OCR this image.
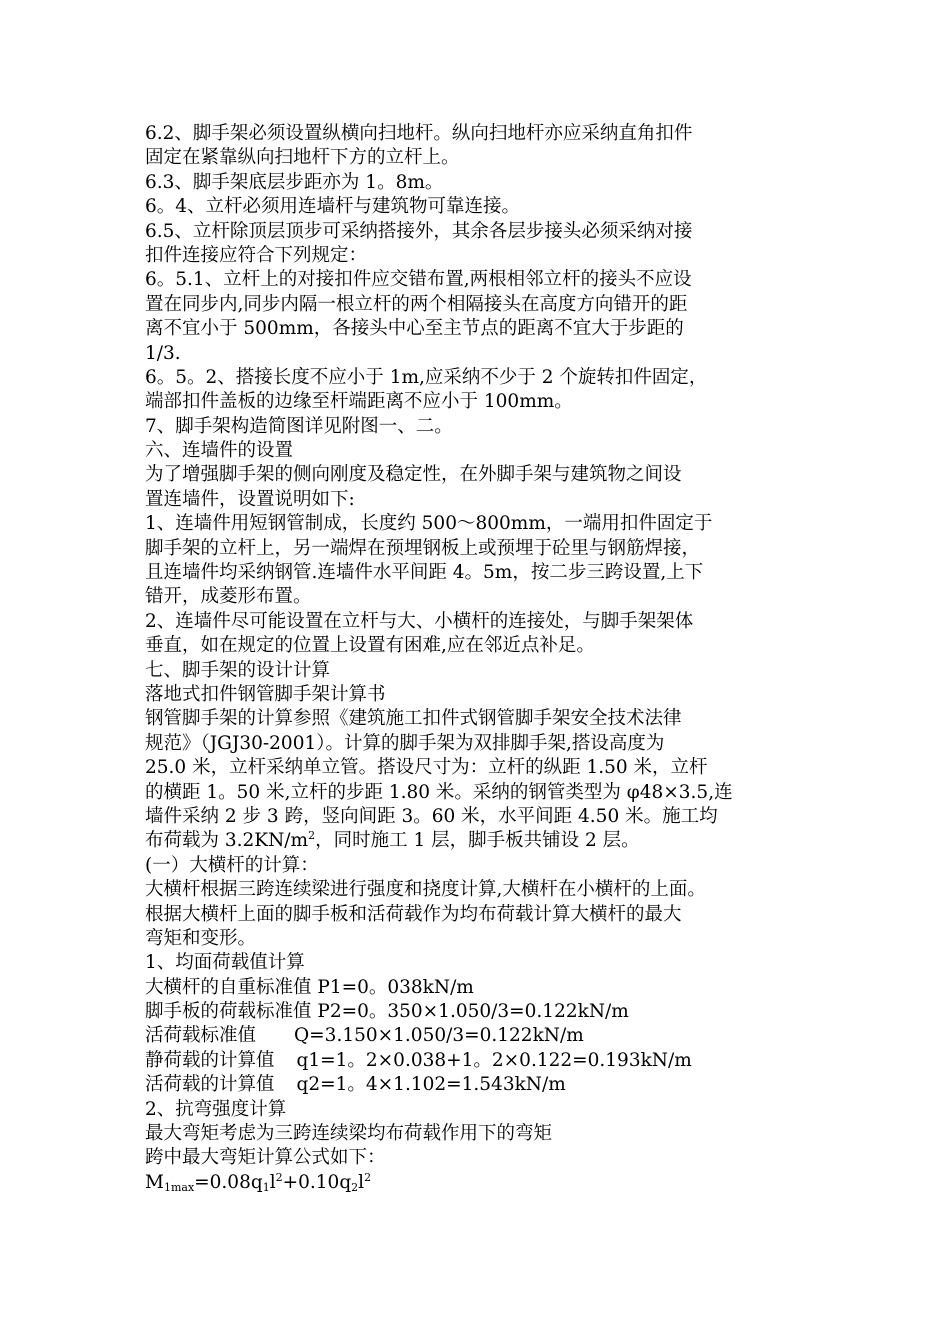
6.2、脚手架必须设置纵横向扫地杆。纵向扫地杆亦应采纳直角扣件
固定在紧靠纵向扫地杆下方的立杆上。
6.3、脚手架底层步距亦为 1。8m。
6。4、立杆必须用连墙杆与建筑物可靠连接。
6.5、立杆除顶层顶步可采纳搭接外，其余各层步接头必须采纳对接
扣件连接应符合下列规定：
6。5.1、立杆上的对接扣件应交错布置,两根相邻立杆的接头不应设
置在同步内,同步内隔一根立杆的两个相隔接头在高度方向错开的距
离不宜小于 500mm，各接头中心至主节点的距离不宜大于步距的
1/3.
6。5。2、搭接长度不应小于 1m,应采纳不少于 2 个旋转扣件固定，
端部扣件盖板的边缘至杆端距离不应小于 100mm。
7、脚手架构造简图详见附图一、二。
六、连墙件的设置
为了增强脚手架的侧向刚度及稳定性，在外脚手架与建筑物之间设
置连墙件，设置说明如下:
1、连墙件用短钢管制成，长度约 500～800mm，一端用扣件固定于
脚手架的立杆上，另一端焊在预埋钢板上或预埋于砼里与钢筋焊接，
且连墙件均采纳钢管.连墙件水平间距 4。5m，按二步三跨设置,上下
错开，成菱形布置。
2、连墙件尽可能设置在立杆与大、小横杆的连接处，与脚手架架体
垂直，如在规定的位置上设置有困难,应在邻近点补足。
七、脚手架的设计计算
落地式扣件钢管脚手架计算书
钢管脚手架的计算参照《建筑施工扣件式钢管脚手架安全技术法律
规范》（JGJ30-2001）。计算的脚手架为双排脚手架,搭设高度为
25.0 米，立杆采纳单立管。搭设尺寸为：立杆的纵距 1.50 米，立杆
的横距 1。50 米,立杆的步距 1.80 米。采纳的钢管类型为 φ48×3.5,连
墙件采纳 2 步 3 跨，竖向间距 3。60 米，水平间距 4.50 米。施工均
布荷载为 $3.2KN/m^2$，同时施工 1 层，脚手板共铺设 2 层。
(一）大横杆的计算：
大横杆根据三跨连续梁进行强度和挠度计算,大横杆在小横杆的上面。
根据大横杆上面的脚手板和活荷载作为均布荷载计算大横杆的最大
弯矩和变形。
1、均面荷载值计算
大横杆的自重标准值 P1=0。038kN/m
脚手板的荷载标准值 P2=0。350×1.050/3=0.122kN/m
活荷载标准值 Q=3.150×1.050/3=0.122kN/m
静荷载的计算值 q1=1。2×0.038+1。2×0.122=0.193kN/m
活荷载的计算值 q2=1。4×1.102=1.543kN/m
2、抗弯强度计算
最大弯矩考虑为三跨连续梁均布荷载作用下的弯矩
跨中最大弯矩计算公式如下：
$M_{1max}=0.08q_1l^2+0.10q_2l^2$
